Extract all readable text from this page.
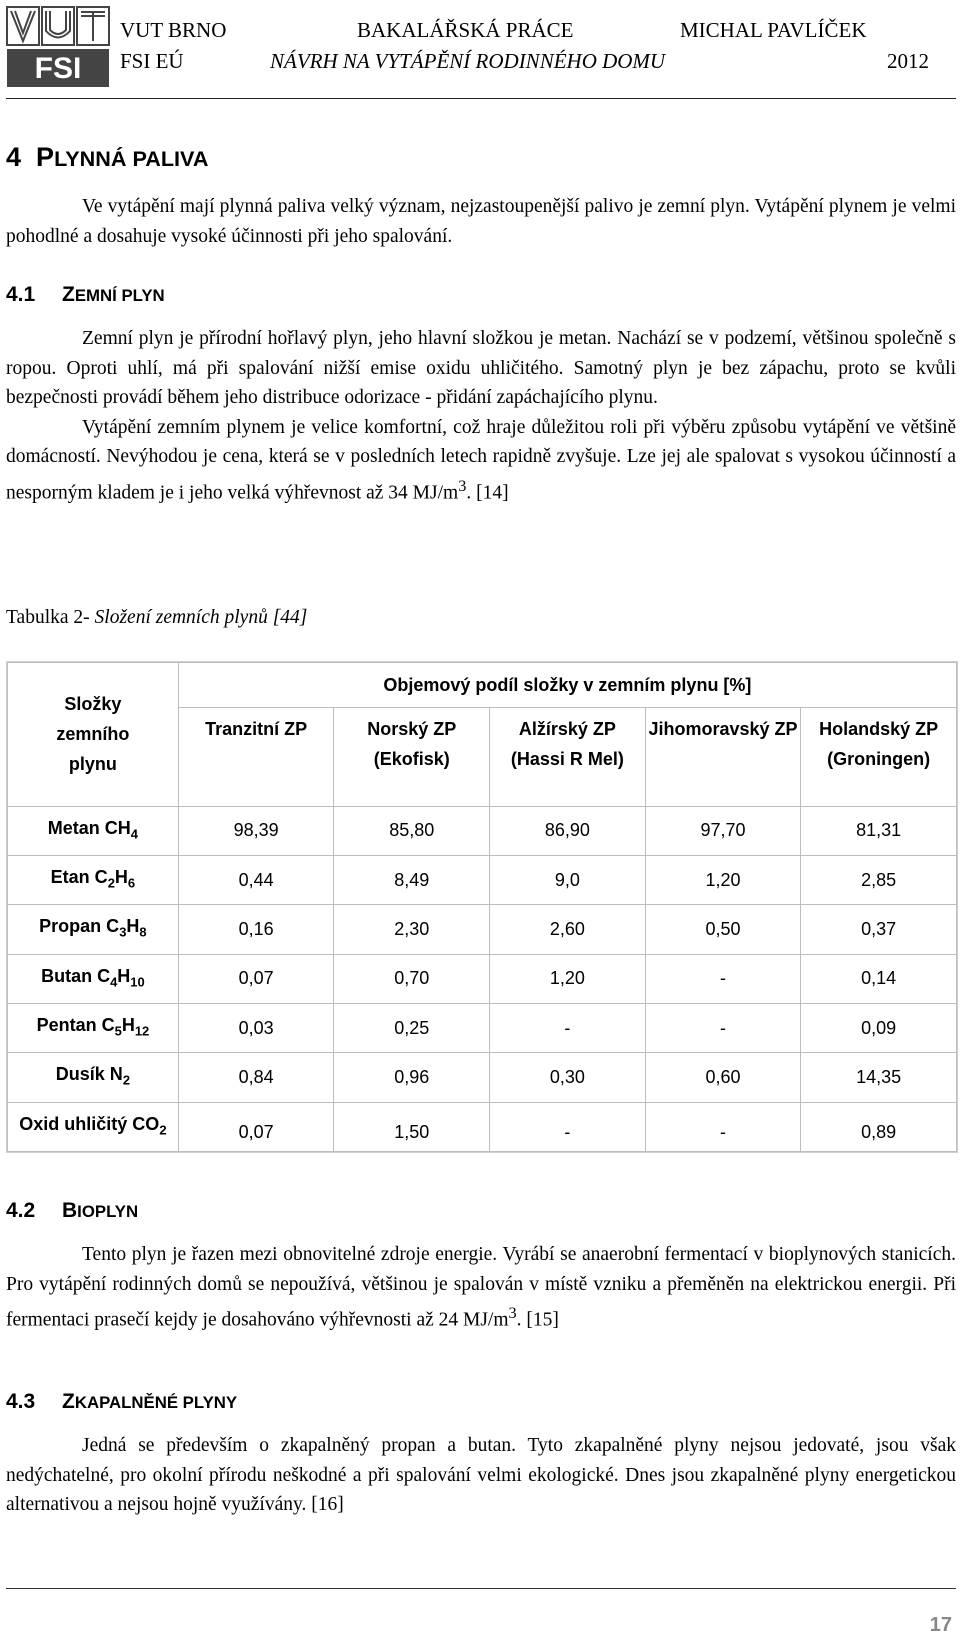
FSI
VUT BRNO
FSI EÚ
BAKALÁŘSKÁ PRÁCE
NÁVRH NA VYTÁPĚNÍ RODINNÉHO DOMU
MICHAL PAVLÍČEK
2012
4 PLYNNÁ PALIVA

Ve vytápění mají plynná paliva velký význam, nejzastoupenější palivo je zemní plyn. Vytápění plynem je velmi pohodlné a dosahuje vysoké účinnosti při jeho spalování.

4.1 ZEMNÍ PLYN

Zemní plyn je přírodní hořlavý plyn, jeho hlavní složkou je metan. Nachází se v podzemí, většinou společně s ropou. Oproti uhlí, má při spalování nižší emise oxidu uhličitého. Samotný plyn je bez zápachu, proto se kvůli bezpečnosti provádí během jeho distribuce odorizace - přidání zapáchajícího plynu.

Vytápění zemním plynem je velice komfortní, což hraje důležitou roli při výběru způsobu vytápění ve většině domácností. Nevýhodou je cena, která se v posledních letech rapidně zvyšuje. Lze jej ale spalovat s vysokou účinností a nesporným kladem je i jeho velká výhřevnost až 34 $MJ/m^3$. [14]

Tabulka 2- Složení zemních plynů [44]
Složky zemního plynu	Objemový podíl složky v zemním plynu [%]				
	Tranzitní ZP	Norský ZP (Ekofisk)	Alžírský ZP (Hassi R Mel)	Jihomoravský ZP	Holandský ZP (Groningen)
Metan $CH_4$	98,39	85,80	86,90	97,70	81,31
Etan $C_2H_6$	0,44	8,49	9,0	1,20	2,85
Propan $C_3H_8$	0,16	2,30	2,60	0,50	0,37
Butan $C_4H_{10}$	0,07	0,70	1,20	-	0,14
Pentan $C_5H_{12}$	0,03	0,25	-	-	0,09
Dusík $N_2$	0,84	0,96	0,30	0,60	14,35
Oxid uhličitý $CO_2$	0,07	1,50	-	-	0,89
4.2 BIOPLYN

Tento plyn je řazen mezi obnovitelné zdroje energie. Vyrábí se anaerobní fermentací v bioplynových stanicích. Pro vytápění rodinných domů se nepoužívá, většinou je spalován v místě vzniku a přeměněn na elektrickou energii. Při fermentaci prasečí kejdy je dosahováno výhřevnosti až 24 $MJ/m^3$. [15]

4.3 ZKAPALNĚNÉ PLYNY

Jedná se především o zkapalněný propan a butan. Tyto zkapalněné plyny nejsou jedovaté, jsou však nedýchatelné, pro okolní přírodu neškodné a při spalování velmi ekologické. Dnes jsou zkapalněné plyny energetickou alternativou a nejsou hojně využívány. [16]

17
